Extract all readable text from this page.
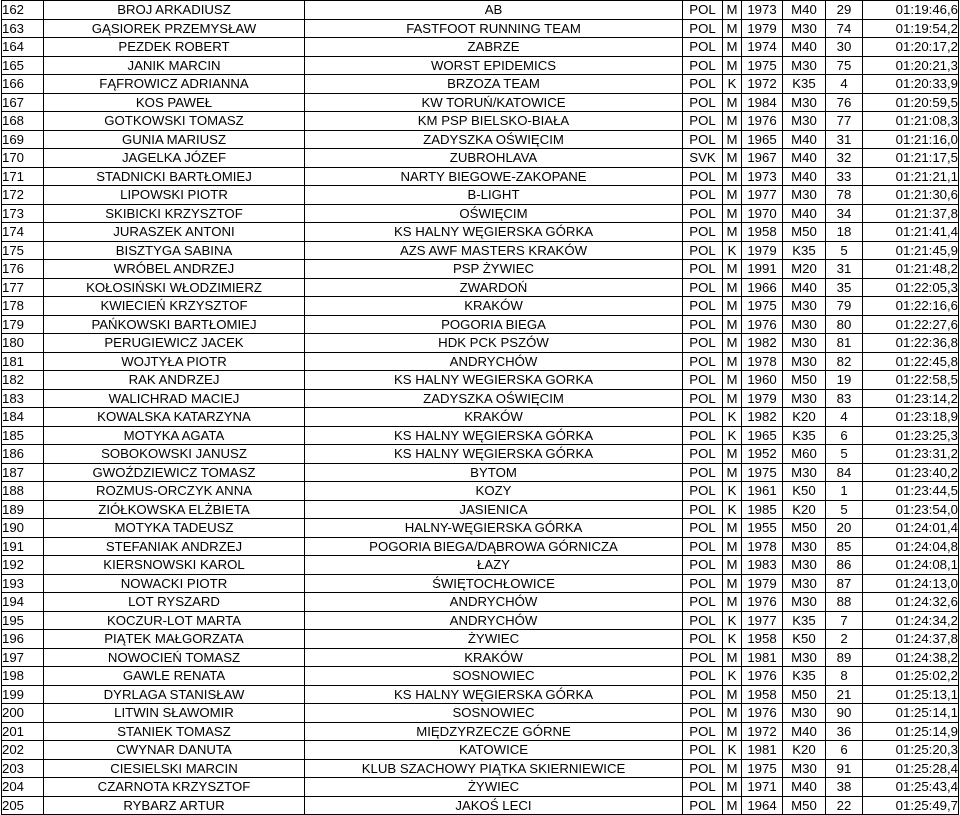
162	BROJ ARKADIUSZ	AB	POL	M	1973	M40	29	01:19:46,6
163	GĄSIOREK PRZEMYSŁAW	FASTFOOT RUNNING TEAM	POL	M	1979	M30	74	01:19:54,2
164	PEZDEK ROBERT	ZABRZE	POL	M	1974	M40	30	01:20:17,2
165	JANIK MARCIN	WORST EPIDEMICS	POL	M	1975	M30	75	01:20:21,3
166	FĄFROWICZ ADRIANNA	BRZOZA TEAM	POL	K	1972	K35	4	01:20:33,9
167	KOS PAWEŁ	KW TORUŃ/KATOWICE	POL	M	1984	M30	76	01:20:59,5
168	GOTKOWSKI TOMASZ	KM PSP BIELSKO-BIAŁA	POL	M	1976	M30	77	01:21:08,3
169	GUNIA MARIUSZ	ZADYSZKA OŚWIĘCIM	POL	M	1965	M40	31	01:21:16,0
170	JAGELKA JÓZEF	ZUBROHLAVA	SVK	M	1967	M40	32	01:21:17,5
171	STADNICKI BARTŁOMIEJ	NARTY BIEGOWE-ZAKOPANE	POL	M	1973	M40	33	01:21:21,1
172	LIPOWSKI PIOTR	B-LIGHT	POL	M	1977	M30	78	01:21:30,6
173	SKIBICKI KRZYSZTOF	OŚWIĘCIM	POL	M	1970	M40	34	01:21:37,8
174	JURASZEK ANTONI	KS HALNY WĘGIERSKA GÓRKA	POL	M	1958	M50	18	01:21:41,4
175	BISZTYGA SABINA	AZS AWF MASTERS KRAKÓW	POL	K	1979	K35	5	01:21:45,9
176	WRÓBEL ANDRZEJ	PSP ŻYWIEC	POL	M	1991	M20	31	01:21:48,2
177	KOŁOSIŃSKI WŁODZIMIERZ	ZWARDOŃ	POL	M	1966	M40	35	01:22:05,3
178	KWIECIEŃ KRZYSZTOF	KRAKÓW	POL	M	1975	M30	79	01:22:16,6
179	PAŃKOWSKI BARTŁOMIEJ	POGORIA BIEGA	POL	M	1976	M30	80	01:22:27,6
180	PERUGIEWICZ JACEK	HDK PCK PSZÓW	POL	M	1982	M30	81	01:22:36,8
181	WOJTYŁA PIOTR	ANDRYCHÓW	POL	M	1978	M30	82	01:22:45,8
182	RAK ANDRZEJ	KS HALNY WEGIERSKA GORKA	POL	M	1960	M50	19	01:22:58,5
183	WALICHRAD MACIEJ	ZADYSZKA OŚWIĘCIM	POL	M	1979	M30	83	01:23:14,2
184	KOWALSKA KATARZYNA	KRAKÓW	POL	K	1982	K20	4	01:23:18,9
185	MOTYKA AGATA	KS HALNY WĘGIERSKA GÓRKA	POL	K	1965	K35	6	01:23:25,3
186	SOBOKOWSKI JANUSZ	KS HALNY WĘGIERSKA GÓRKA	POL	M	1952	M60	5	01:23:31,2
187	GWOŹDZIEWICZ TOMASZ	BYTOM	POL	M	1975	M30	84	01:23:40,2
188	ROZMUS-ORCZYK ANNA	KOZY	POL	K	1961	K50	1	01:23:44,5
189	ZIÓŁKOWSKA ELŻBIETA	JASIENICA	POL	K	1985	K20	5	01:23:54,0
190	MOTYKA TADEUSZ	HALNY-WĘGIERSKA GÓRKA	POL	M	1955	M50	20	01:24:01,4
191	STEFANIAK ANDRZEJ	POGORIA BIEGA/DĄBROWA GÓRNICZA	POL	M	1978	M30	85	01:24:04,8
192	KIERSNOWSKI KAROL	ŁAZY	POL	M	1983	M30	86	01:24:08,1
193	NOWACKI PIOTR	ŚWIĘTOCHŁOWICE	POL	M	1979	M30	87	01:24:13,0
194	LOT RYSZARD	ANDRYCHÓW	POL	M	1976	M30	88	01:24:32,6
195	KOCZUR-LOT MARTA	ANDRYCHÓW	POL	K	1977	K35	7	01:24:34,2
196	PIĄTEK MAŁGORZATA	ŻYWIEC	POL	K	1958	K50	2	01:24:37,8
197	NOWOCIEŃ TOMASZ	KRAKÓW	POL	M	1981	M30	89	01:24:38,2
198	GAWLE RENATA	SOSNOWIEC	POL	K	1976	K35	8	01:25:02,2
199	DYRLAGA STANISŁAW	KS HALNY WĘGIERSKA GÓRKA	POL	M	1958	M50	21	01:25:13,1
200	LITWIN SŁAWOMIR	SOSNOWIEC	POL	M	1976	M30	90	01:25:14,1
201	STANIEK TOMASZ	MIĘDZYRZECZE GÓRNE	POL	M	1972	M40	36	01:25:14,9
202	CWYNAR DANUTA	KATOWICE	POL	K	1981	K20	6	01:25:20,3
203	CIESIELSKI MARCIN	KLUB SZACHOWY PIĄTKA SKIERNIEWICE	POL	M	1975	M30	91	01:25:28,4
204	CZARNOTA KRZYSZTOF	ŻYWIEC	POL	M	1971	M40	38	01:25:43,4
205	RYBARZ ARTUR	JAKOŚ LECI	POL	M	1964	M50	22	01:25:49,7
